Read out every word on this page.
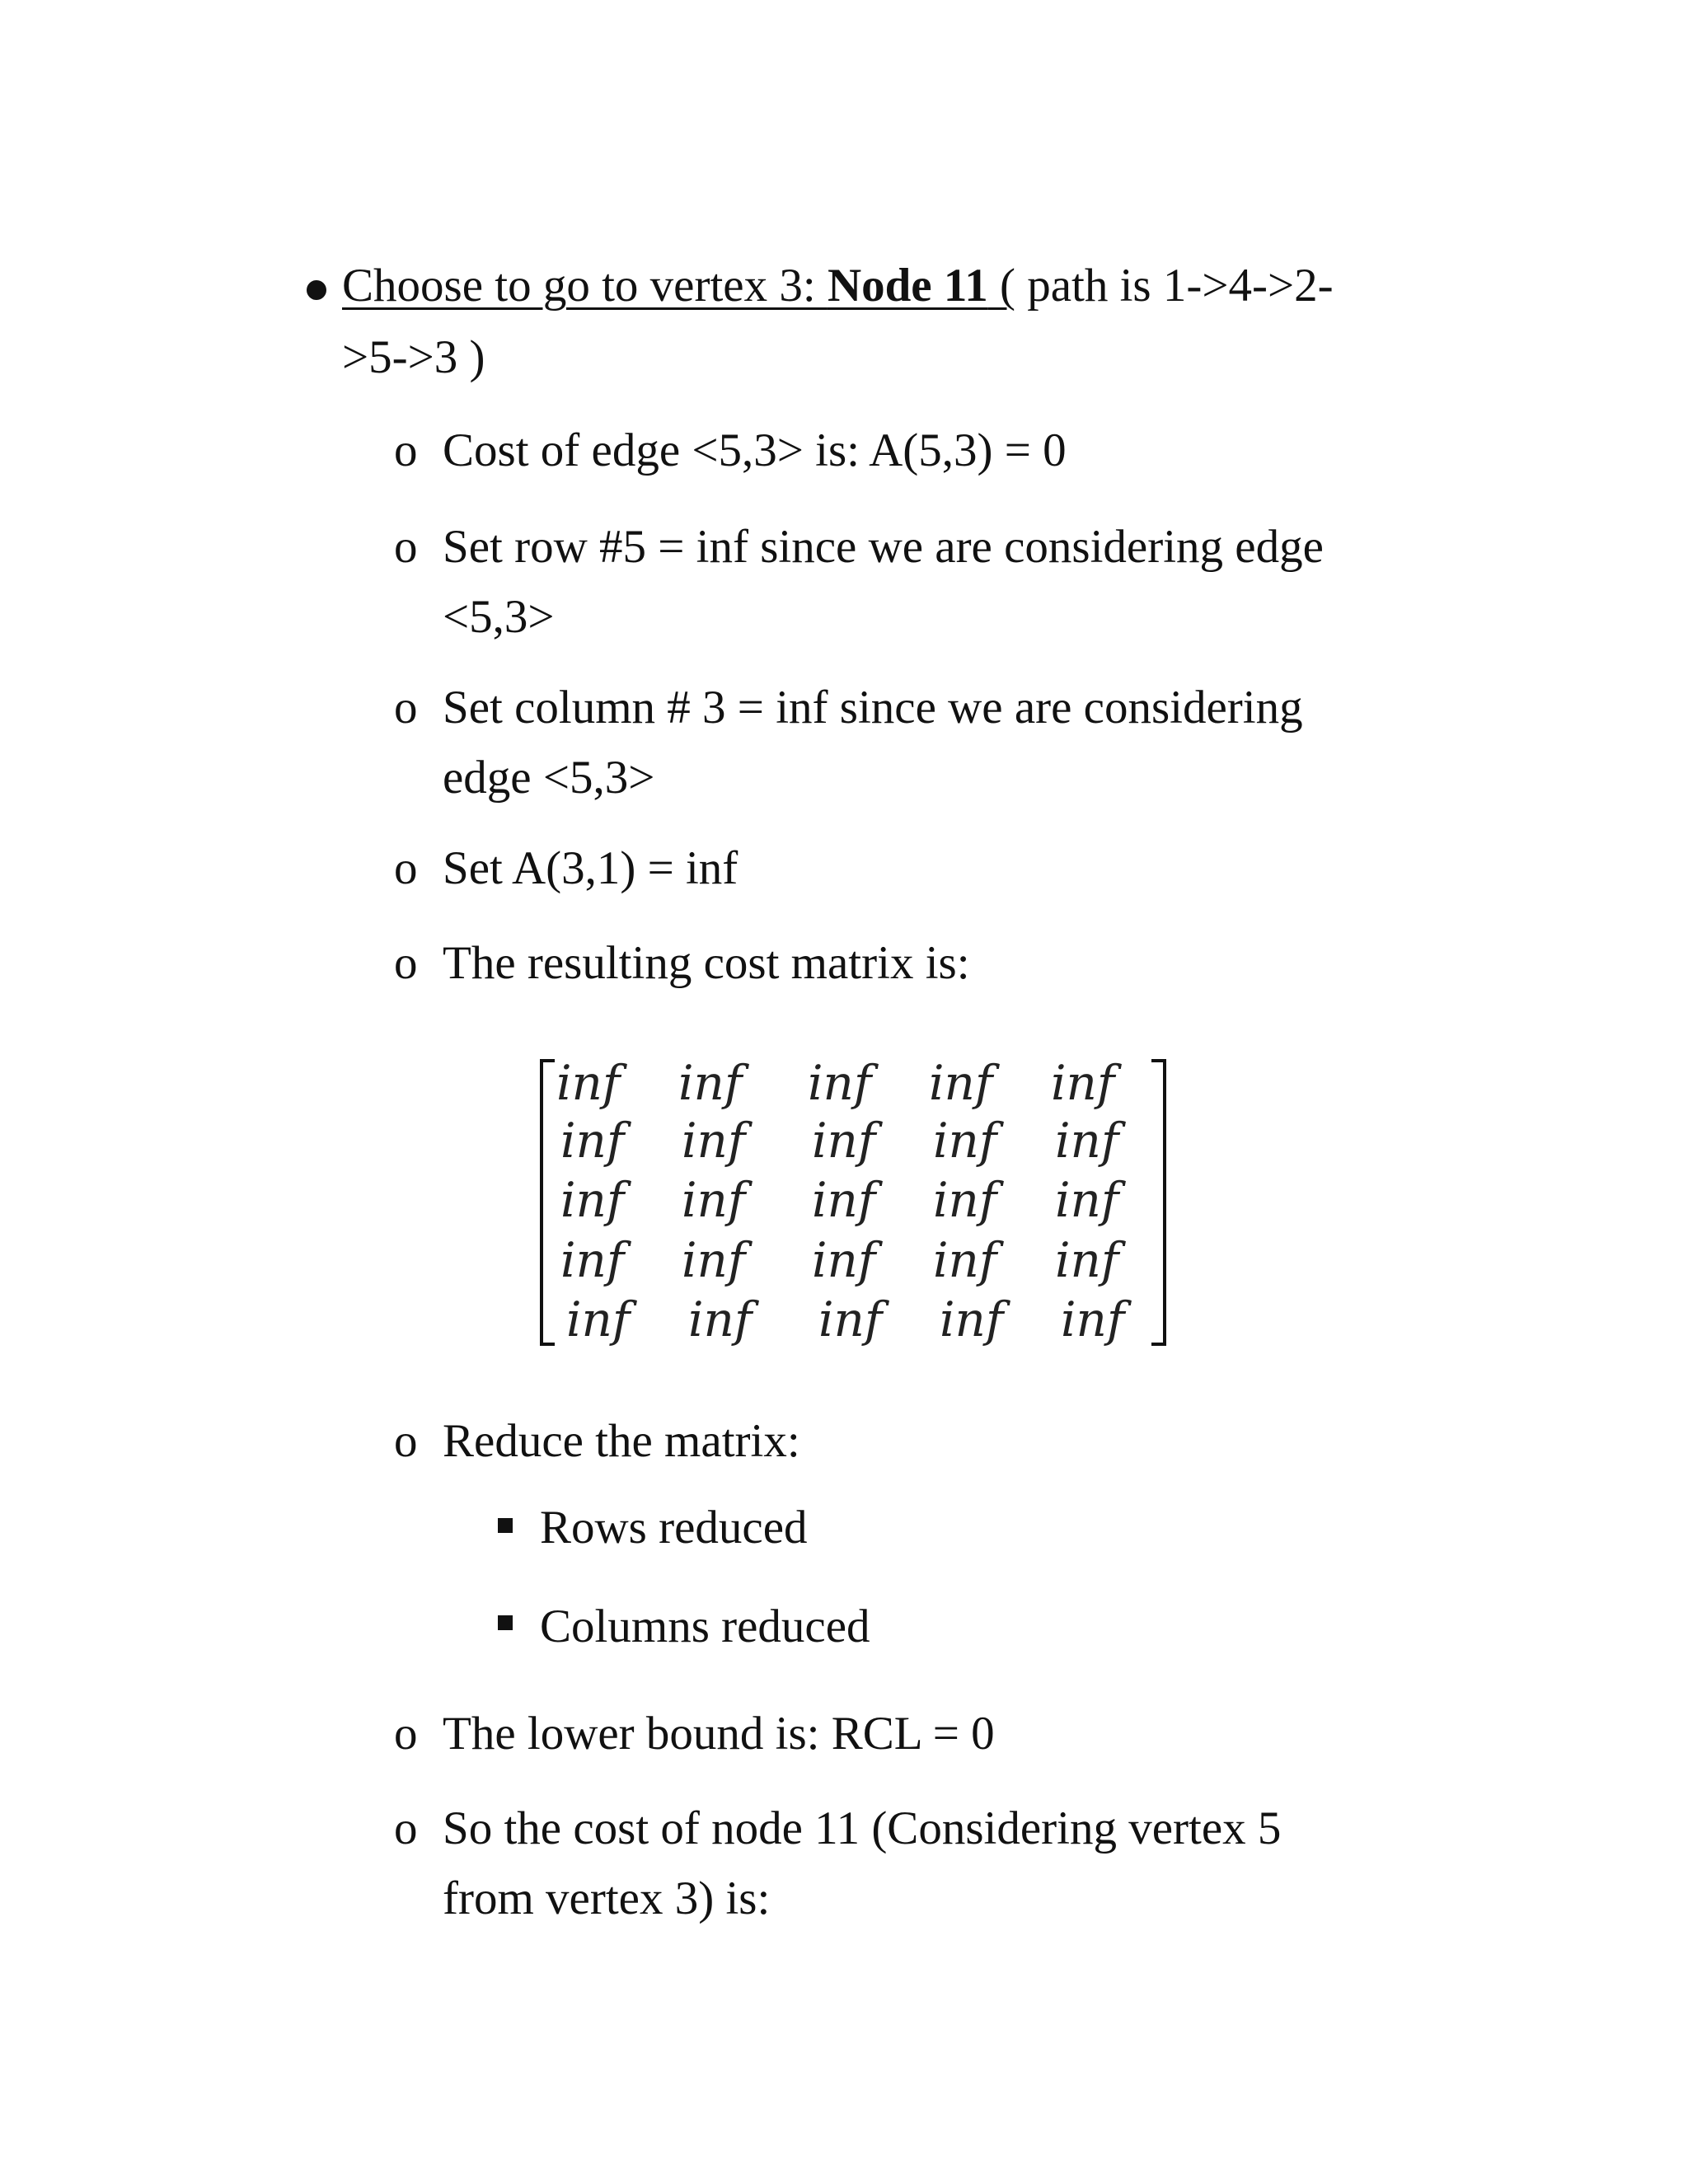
Choose to go to vertex 3: Node 11 ( path is 1->4->2-
>5->3 )
o Cost of edge <5,3> is: A(5,3) = 0
o Set row #5 = inf since we are considering edge
<5,3>
o Set column # 3 = inf since we are considering
edge <5,3>
o Set A(3,1) = inf
o The resulting cost matrix is:
inf inf inf inf inf
inf inf inf inf inf
inf inf inf inf inf
inf inf inf inf inf
inf inf inf inf inf
o Reduce the matrix:
Rows reduced
Columns reduced
o The lower bound is: RCL = 0
o So the cost of node 11 (Considering vertex 5
from vertex 3) is:
